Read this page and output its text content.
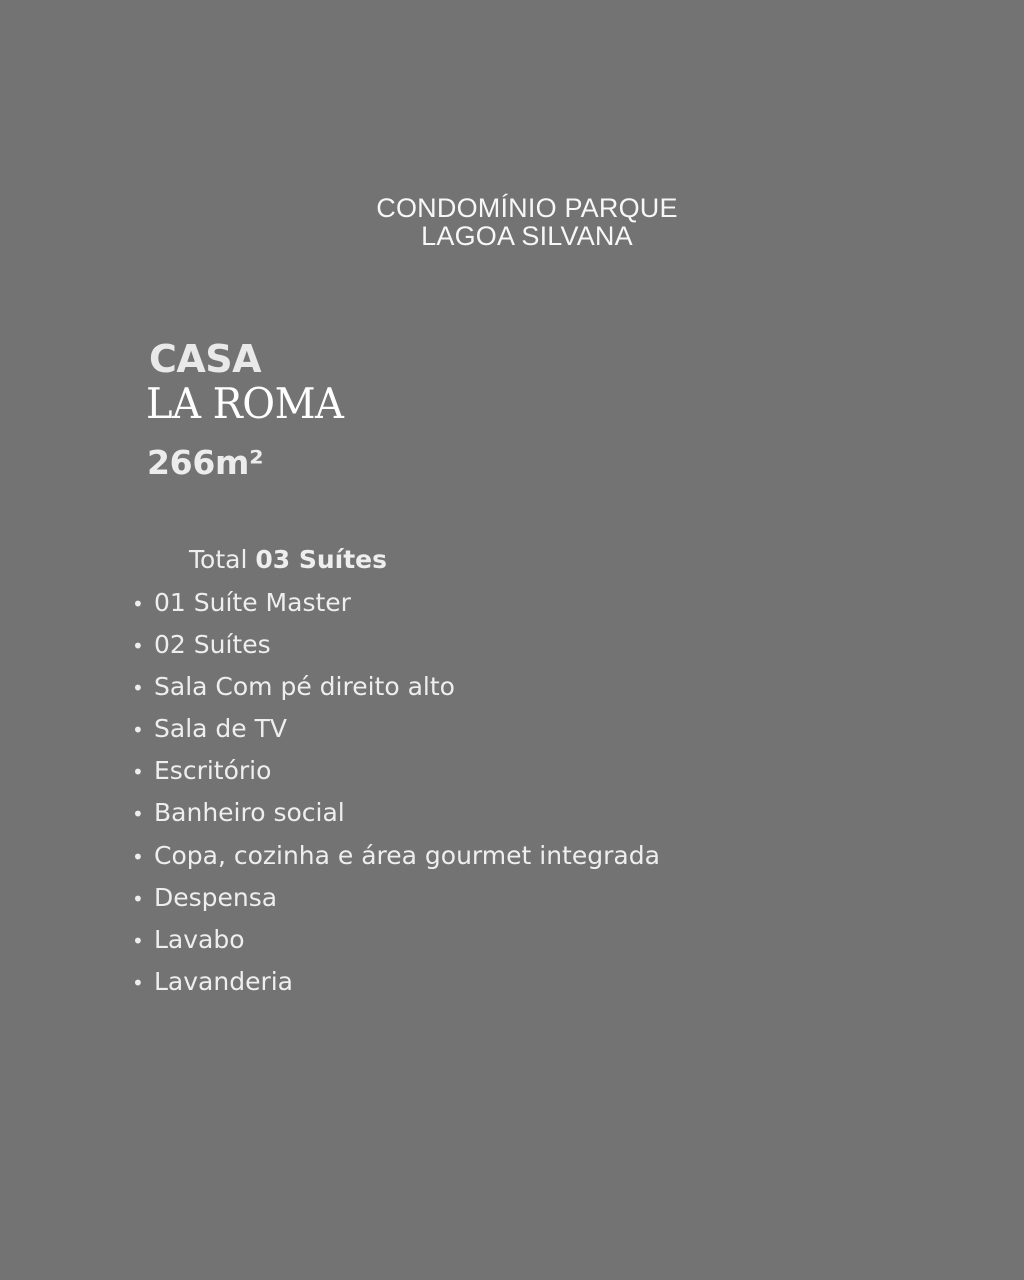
CONDOMÍNIO PARQUE
LAGOA SILVANA
CASA
LA ROMA
266m²
Total 03 Suítes
• 01 Suíte Master
• 02 Suítes
• Sala Com pé direito alto
• Sala de TV
• Escritório
• Banheiro social
• Copa, cozinha e área gourmet integrada
• Despensa
• Lavabo
• Lavanderia
